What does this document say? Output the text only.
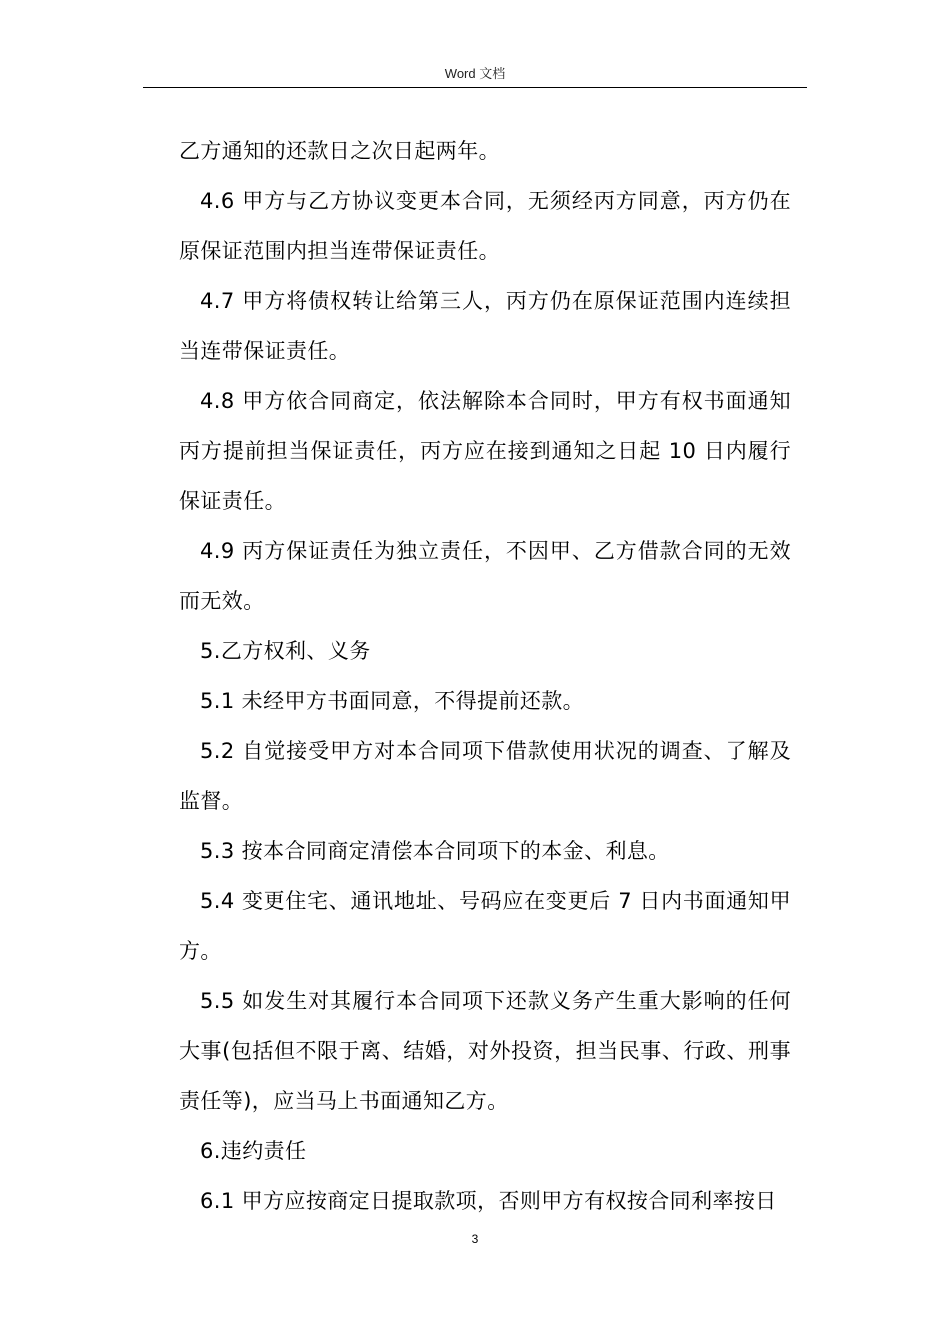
Word 文档

乙方通知的还款日之次日起两年。

4.6 甲方与乙方协议变更本合同，无须经丙方同意，丙方仍在原保证范围内担当连带保证责任。

4.7 甲方将债权转让给第三人，丙方仍在原保证范围内连续担当连带保证责任。

4.8 甲方依合同商定，依法解除本合同时，甲方有权书面通知丙方提前担当保证责任，丙方应在接到通知之日起 10 日内履行保证责任。

4.9 丙方保证责任为独立责任，不因甲、乙方借款合同的无效而无效。

5.乙方权利、义务

5.1 未经甲方书面同意，不得提前还款。

5.2 自觉接受甲方对本合同项下借款使用状况的调查、了解及监督。

5.3 按本合同商定清偿本合同项下的本金、利息。

5.4 变更住宅、通讯地址、号码应在变更后 7 日内书面通知甲方。

5.5 如发生对其履行本合同项下还款义务产生重大影响的任何大事(包括但不限于离、结婚，对外投资，担当民事、行政、刑事责任等)，应当马上书面通知乙方。

6.违约责任

6.1 甲方应按商定日提取款项，否则甲方有权按合同利率按日

3
